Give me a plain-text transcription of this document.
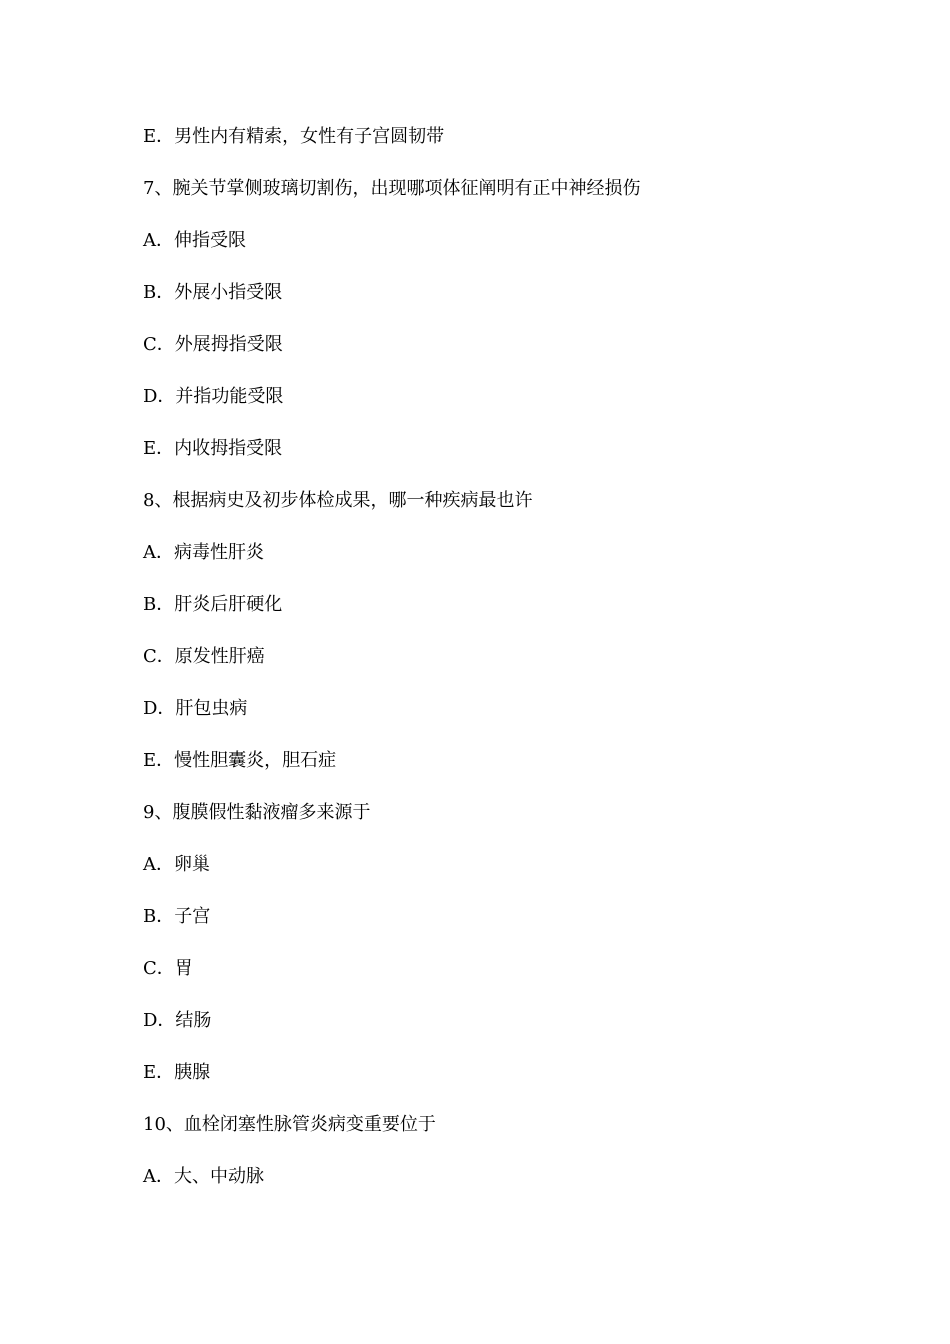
E．男性内有精索，女性有子宫圆韧带
7、腕关节掌侧玻璃切割伤，出现哪项体征阐明有正中神经损伤
A．伸指受限
B．外展小指受限
C．外展拇指受限
D．并指功能受限
E．内收拇指受限
8、根据病史及初步体检成果，哪一种疾病最也许
A．病毒性肝炎
B．肝炎后肝硬化
C．原发性肝癌
D．肝包虫病
E．慢性胆囊炎，胆石症
9、腹膜假性黏液瘤多来源于
A．卵巢
B．子宫
C．胃
D．结肠
E．胰腺
10、血栓闭塞性脉管炎病变重要位于
A．大、中动脉
